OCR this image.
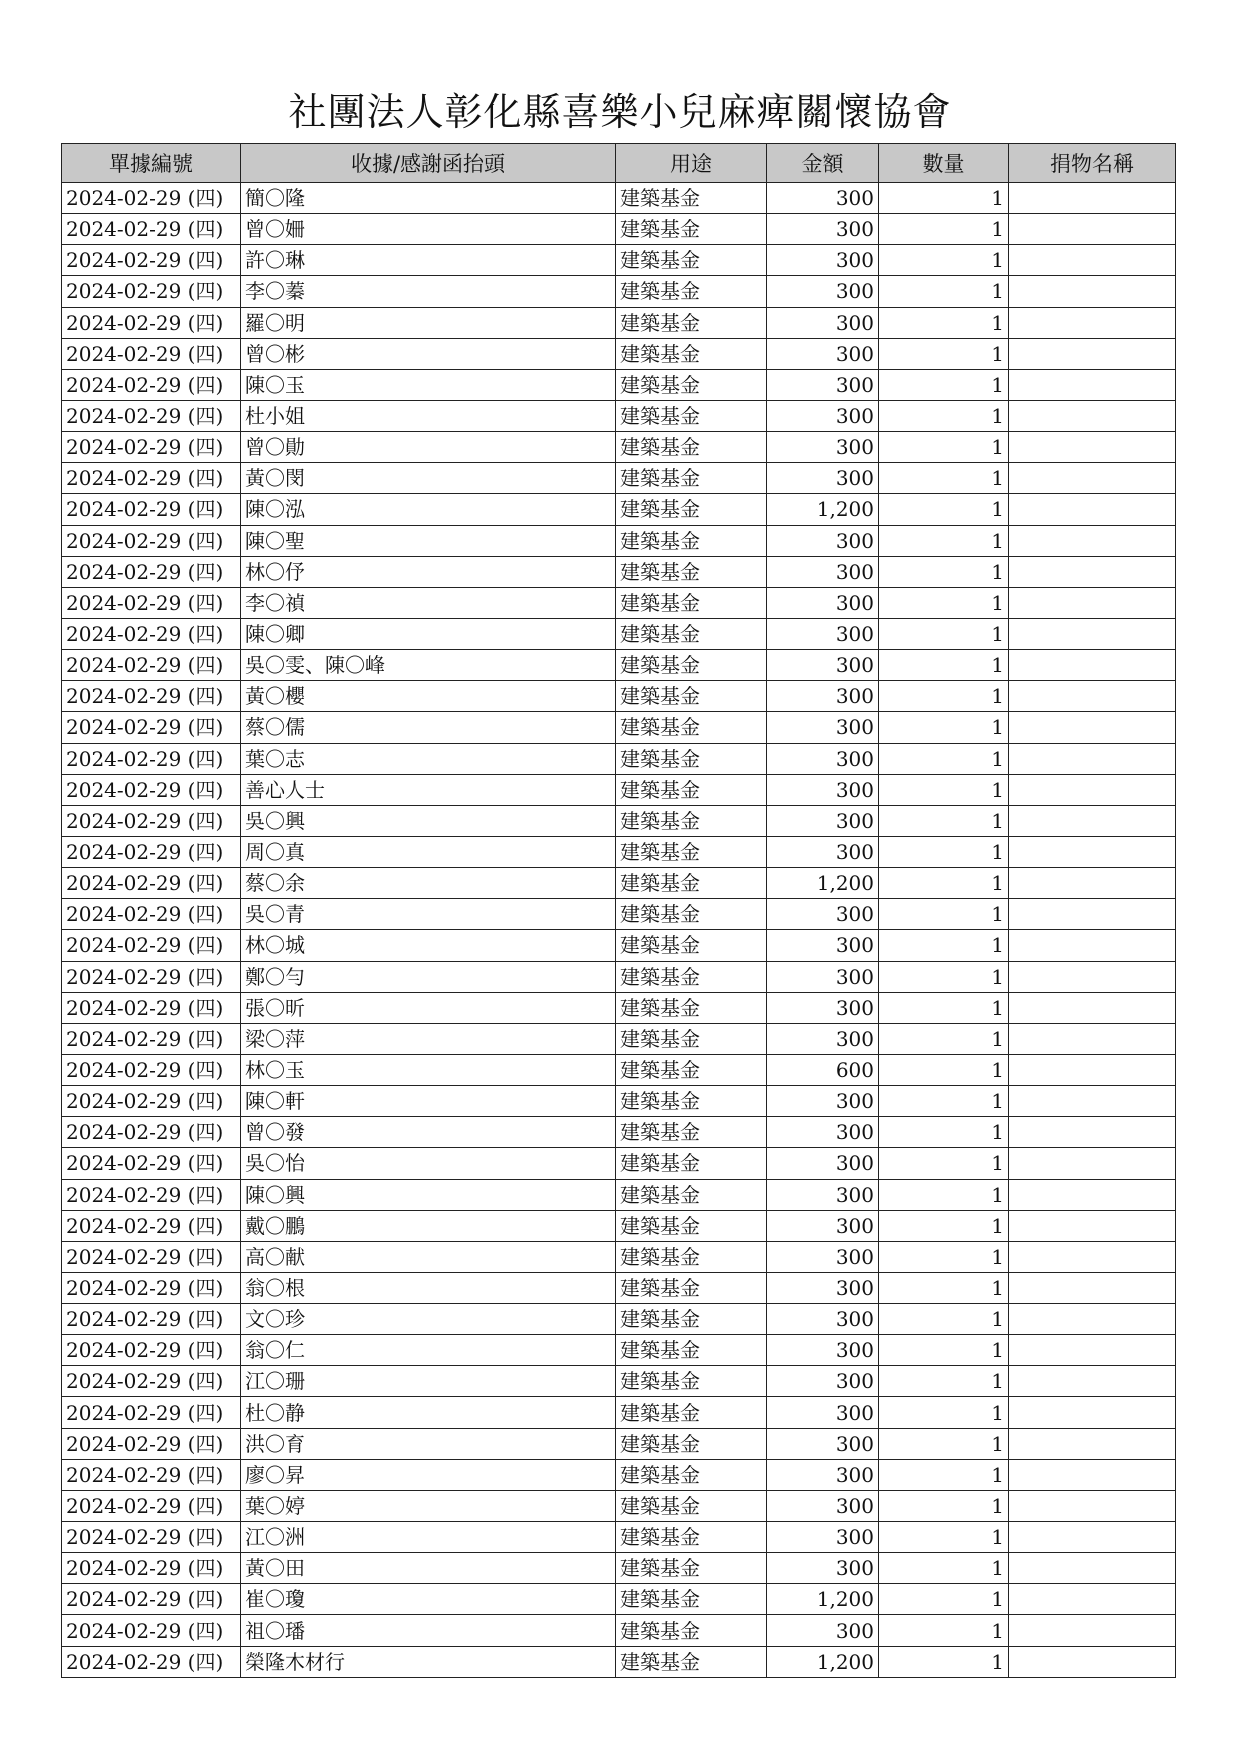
社團法人彰化縣喜樂小兒麻痺關懷協會
單據編號	收據/感謝函抬頭	用途	金額	數量	捐物名稱
2024-02-29 (四)	簡〇隆	建築基金	300	1	
2024-02-29 (四)	曾〇姍	建築基金	300	1	
2024-02-29 (四)	許〇琳	建築基金	300	1	
2024-02-29 (四)	李〇蓁	建築基金	300	1	
2024-02-29 (四)	羅〇明	建築基金	300	1	
2024-02-29 (四)	曾〇彬	建築基金	300	1	
2024-02-29 (四)	陳〇玉	建築基金	300	1	
2024-02-29 (四)	杜小姐	建築基金	300	1	
2024-02-29 (四)	曾〇勛	建築基金	300	1	
2024-02-29 (四)	黃〇閔	建築基金	300	1	
2024-02-29 (四)	陳〇泓	建築基金	1,200	1	
2024-02-29 (四)	陳〇聖	建築基金	300	1	
2024-02-29 (四)	林〇伃	建築基金	300	1	
2024-02-29 (四)	李〇禎	建築基金	300	1	
2024-02-29 (四)	陳〇卿	建築基金	300	1	
2024-02-29 (四)	吳〇雯、陳〇峰	建築基金	300	1	
2024-02-29 (四)	黃〇櫻	建築基金	300	1	
2024-02-29 (四)	蔡〇儒	建築基金	300	1	
2024-02-29 (四)	葉〇志	建築基金	300	1	
2024-02-29 (四)	善心人士	建築基金	300	1	
2024-02-29 (四)	吳〇興	建築基金	300	1	
2024-02-29 (四)	周〇真	建築基金	300	1	
2024-02-29 (四)	蔡〇余	建築基金	1,200	1	
2024-02-29 (四)	吳〇青	建築基金	300	1	
2024-02-29 (四)	林〇城	建築基金	300	1	
2024-02-29 (四)	鄭〇勻	建築基金	300	1	
2024-02-29 (四)	張〇昕	建築基金	300	1	
2024-02-29 (四)	梁〇萍	建築基金	300	1	
2024-02-29 (四)	林〇玉	建築基金	600	1	
2024-02-29 (四)	陳〇軒	建築基金	300	1	
2024-02-29 (四)	曾〇發	建築基金	300	1	
2024-02-29 (四)	吳〇怡	建築基金	300	1	
2024-02-29 (四)	陳〇興	建築基金	300	1	
2024-02-29 (四)	戴〇鵬	建築基金	300	1	
2024-02-29 (四)	高〇献	建築基金	300	1	
2024-02-29 (四)	翁〇根	建築基金	300	1	
2024-02-29 (四)	文〇珍	建築基金	300	1	
2024-02-29 (四)	翁〇仁	建築基金	300	1	
2024-02-29 (四)	江〇珊	建築基金	300	1	
2024-02-29 (四)	杜〇静	建築基金	300	1	
2024-02-29 (四)	洪〇育	建築基金	300	1	
2024-02-29 (四)	廖〇昇	建築基金	300	1	
2024-02-29 (四)	葉〇婷	建築基金	300	1	
2024-02-29 (四)	江〇洲	建築基金	300	1	
2024-02-29 (四)	黃〇田	建築基金	300	1	
2024-02-29 (四)	崔〇瓊	建築基金	1,200	1	
2024-02-29 (四)	祖〇璠	建築基金	300	1	
2024-02-29 (四)	榮隆木材行	建築基金	1,200	1	
